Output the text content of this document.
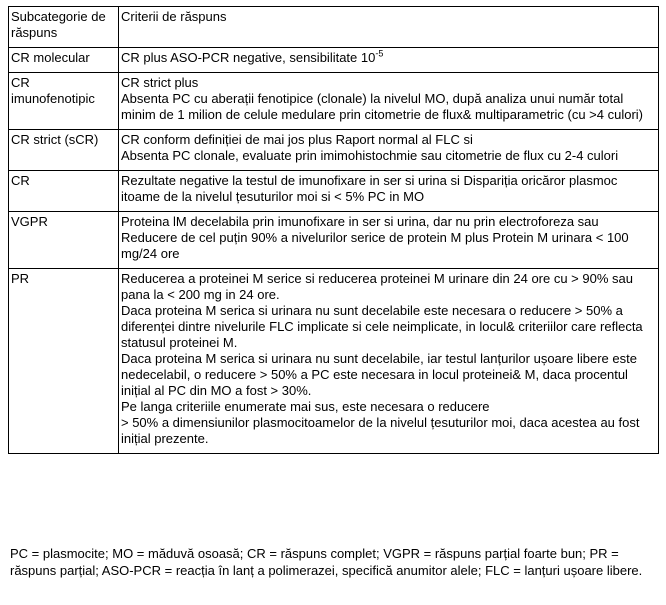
Subcategorie de răspuns	Criterii de răspuns
CR molecular	CR plus ASO-PCR negative, sensibilitate $10^{-5}$
CR imunofenotipic	CR strict plus
Absenta PC cu aberații fenotipice (clonale) la nivelul MO, după analiza unui număr total minim de 1 milion de celule medulare prin citometrie de flux& multiparametric (cu >4 culori)

CR strict (sCR)	CR conform definiției de mai jos plus Raport normal al FLC si
Absenta PC clonale, evaluate prin imimohistochmie sau citometrie de flux cu 2-4 culori

CR	Rezultate negative la testul de imunofixare in ser si urina si Dispariția oricăror plasmoc itoame de la nivelul țesuturilor moi si < 5% PC in MO

VGPR	Proteina lM decelabila prin imunofixare in ser si urina, dar nu prin electroforeza sau Reducere de cel puțin 90% a nivelurilor serice de protein M plus Protein M urinara < 100 mg/24 ore

PR	Reducerea a proteinei M serice si reducerea proteinei M urinare din 24 ore cu > 90% sau pana la < 200 mg in 24 ore.
Daca proteina M serica si urinara nu sunt decelabile este necesara o reducere > 50% a diferenței dintre nivelurile FLC implicate si cele neimplicate, in locul& criteriilor care reflecta statusul proteinei M.
Daca proteina M serica si urinara nu sunt decelabile, iar testul lanțurilor ușoare libere este nedecelabil, o reducere > 50% a PC este necesara in locul proteinei& M, daca procentul inițial al PC din MO a fost > 30%.
Pe langa criteriile enumerate mai sus, este necesara o reducere
> 50% a dimensiunilor plasmocitoamelor de la nivelul țesuturilor moi, daca acestea au fost inițial prezente.
PC = plasmocite; MO = măduvă osoasă; CR = răspuns complet; VGPR = răspuns parțial foarte bun; PR = răspuns parțial; ASO-PCR = reacția în lanț a polimerazei, specifică anumitor alele; FLC = lanțuri ușoare libere.
